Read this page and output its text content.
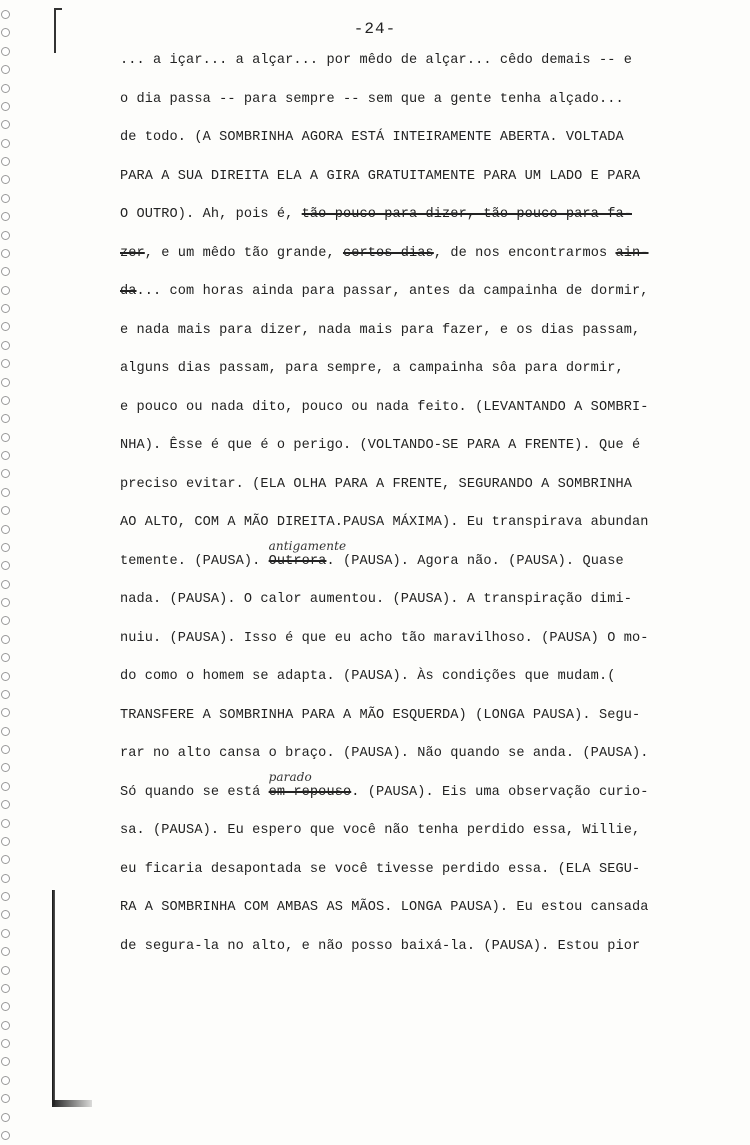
-24-
... a içar... a alçar... por mêdo de alçar... cêdo demais -- e
o dia passa -- para sempre -- sem que a gente tenha alçado...
de todo. (A SOMBRINHA AGORA ESTÁ INTEIRAMENTE ABERTA. VOLTADA
PARA A SUA DIREITA ELA A GIRA GRATUITAMENTE PARA UM LADO E PARA
O OUTRO). Ah, pois é, tão pouco para dizer, tão pouco para fa-
zer, e um mêdo tão grande, certos dias, de nos encontrarmos ain-
da... com horas ainda para passar, antes da campainha de dormir,
e nada mais para dizer, nada mais para fazer, e os dias passam,
alguns dias passam, para sempre, a campainha sôa para dormir,
e pouco ou nada dito, pouco ou nada feito. (LEVANTANDO A SOMBRI-
NHA). Êsse é que é o perigo. (VOLTANDO-SE PARA A FRENTE). Que é
preciso evitar. (ELA OLHA PARA A FRENTE, SEGURANDO A SOMBRINHA
AO ALTO, COM A MÃO DIREITA.PAUSA MÁXIMA). Eu transpirava abundan
temente. (PAUSA).
antigamente
Outrora. (PAUSA). Agora não. (PAUSA). Quase
nada. (PAUSA). O calor aumentou. (PAUSA). A transpiração dimi-
nuiu. (PAUSA). Isso é que eu acho tão maravilhoso. (PAUSA) O mo-
do como o homem se adapta. (PAUSA). Às condições que mudam.(
TRANSFERE A SOMBRINHA PARA A MÃO ESQUERDA) (LONGA PAUSA). Segu-
rar no alto cansa o braço. (PAUSA). Não quando se anda. (PAUSA).
Só quando se está
parado
em repouso. (PAUSA). Eis uma observação curio-
sa. (PAUSA). Eu espero que você não tenha perdido essa, Willie,
eu ficaria desapontada se você tivesse perdido essa. (ELA SEGU-
RA A SOMBRINHA COM AMBAS AS MÃOS. LONGA PAUSA). Eu estou cansada
de segura-la no alto, e não posso baixá-la. (PAUSA). Estou pior
